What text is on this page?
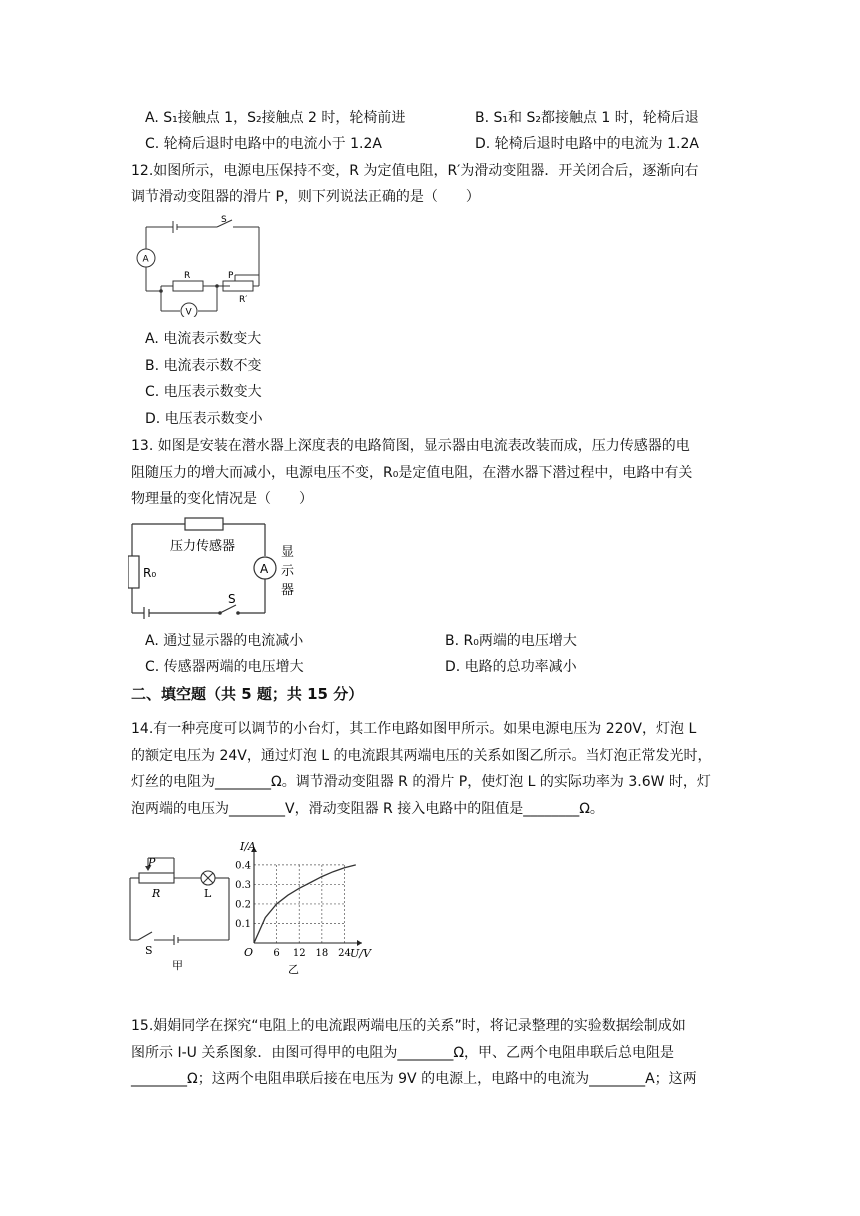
A. S₁接触点 1，S₂接触点 2 时，轮椅前进	B. S₁和 S₂都接触点 1 时，轮椅后退
C. 轮椅后退时电路中的电流小于 1.2A	D. 轮椅后退时电路中的电流为 1.2A
12.如图所示，电源电压保持不变，R 为定值电阻，R′为滑动变阻器．开关闭合后，逐渐向右
调节滑动变阻器的滑片 P，则下列说法正确的是（　　）
S
A
R	P
R′
V
A. 电流表示数变大
B. 电流表示数不变
C. 电压表示数变大
D. 电压表示数变小
13. 如图是安装在潜水器上深度表的电路简图，显示器由电流表改装而成，压力传感器的电
阻随压力的增大而减小，电源电压不变，R₀是定值电阻，在潜水器下潜过程中，电路中有关
物理量的变化情况是（　　）
压力传感器
R₀	A
显
示
器
S
A. 通过显示器的电流减小	B. R₀两端的电压增大
C. 传感器两端的电压增大	D. 电路的总功率减小
二、填空题（共 5 题；共 15 分）
14.有一种亮度可以调节的小台灯，其工作电路如图甲所示。如果电源电压为 220V，灯泡 L
的额定电压为 24V，通过灯泡 L 的电流跟其两端电压的关系如图乙所示。当灯泡正常发光时，
灯丝的电阻为________Ω。调节滑动变阻器 R 的滑片 P，使灯泡 L 的实际功率为 3.6W 时，灯
泡两端的电压为________V，滑动变阻器 R 接入电路中的阻值是________Ω。
P
R	L
S
甲
6 12 18 24
0.1
0.2
0.3
0.4
I/A
U/V
O
乙
15.娟娟同学在探究“电阻上的电流跟两端电压的关系”时，将记录整理的实验数据绘制成如
图所示 I-U 关系图象．由图可得甲的电阻为________Ω，甲、乙两个电阻串联后总电阻是
________Ω；这两个电阻串联后接在电压为 9V 的电源上，电路中的电流为________A；这两
